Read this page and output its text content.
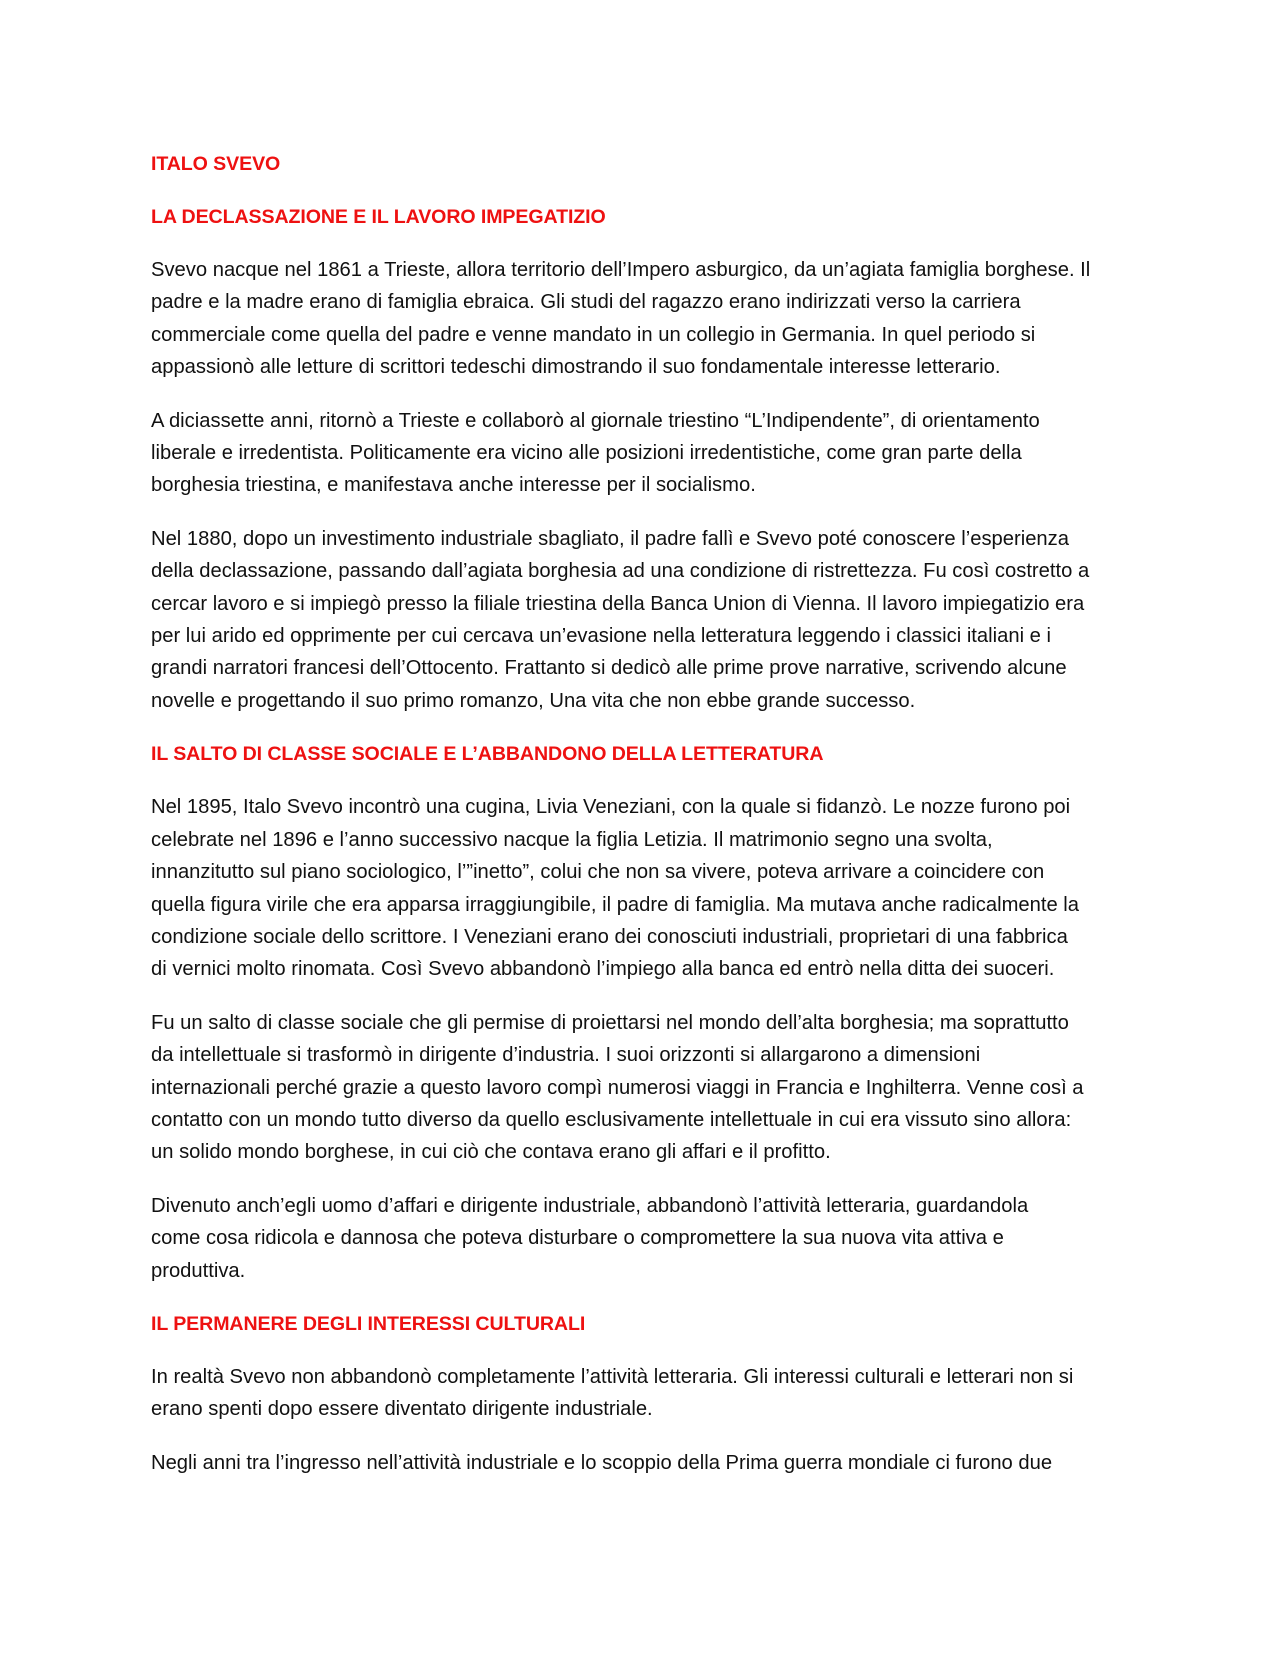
ITALO SVEVO
LA DECLASSAZIONE E IL LAVORO IMPEGATIZIO
Svevo nacque nel 1861 a Trieste, allora territorio dell’Impero asburgico, da un’agiata famiglia borghese. Il
padre e la madre erano di famiglia ebraica. Gli studi del ragazzo erano indirizzati verso la carriera
commerciale come quella del padre e venne mandato in un collegio in Germania. In quel periodo si
appassionò alle letture di scrittori tedeschi dimostrando il suo fondamentale interesse letterario.
A diciassette anni, ritornò a Trieste e collaborò al giornale triestino “L’Indipendente”, di orientamento
liberale e irredentista. Politicamente era vicino alle posizioni irredentistiche, come gran parte della
borghesia triestina, e manifestava anche interesse per il socialismo.
Nel 1880, dopo un investimento industriale sbagliato, il padre fallì e Svevo poté conoscere l’esperienza
della declassazione, passando dall’agiata borghesia ad una condizione di ristrettezza. Fu così costretto a
cercar lavoro e si impiegò presso la filiale triestina della Banca Union di Vienna. Il lavoro impiegatizio era
per lui arido ed opprimente per cui cercava un’evasione nella letteratura leggendo i classici italiani e i
grandi narratori francesi dell’Ottocento. Frattanto si dedicò alle prime prove narrative, scrivendo alcune
novelle e progettando il suo primo romanzo, Una vita che non ebbe grande successo.
IL SALTO DI CLASSE SOCIALE E L’ABBANDONO DELLA LETTERATURA
Nel 1895, Italo Svevo incontrò una cugina, Livia Veneziani, con la quale si fidanzò. Le nozze furono poi
celebrate nel 1896 e l’anno successivo nacque la figlia Letizia. Il matrimonio segno una svolta,
innanzitutto sul piano sociologico, l’”inetto”, colui che non sa vivere, poteva arrivare a coincidere con
quella figura virile che era apparsa irraggiungibile, il padre di famiglia. Ma mutava anche radicalmente la
condizione sociale dello scrittore. I Veneziani erano dei conosciuti industriali, proprietari di una fabbrica
di vernici molto rinomata. Così Svevo abbandonò l’impiego alla banca ed entrò nella ditta dei suoceri.
Fu un salto di classe sociale che gli permise di proiettarsi nel mondo dell’alta borghesia; ma soprattutto
da intellettuale si trasformò in dirigente d’industria. I suoi orizzonti si allargarono a dimensioni
internazionali perché grazie a questo lavoro compì numerosi viaggi in Francia e Inghilterra. Venne così a
contatto con un mondo tutto diverso da quello esclusivamente intellettuale in cui era vissuto sino allora:
un solido mondo borghese, in cui ciò che contava erano gli affari e il profitto.
Divenuto anch’egli uomo d’affari e dirigente industriale, abbandonò l’attività letteraria, guardandola
come cosa ridicola e dannosa che poteva disturbare o compromettere la sua nuova vita attiva e
produttiva.
IL PERMANERE DEGLI INTERESSI CULTURALI
In realtà Svevo non abbandonò completamente l’attività letteraria. Gli interessi culturali e letterari non si
erano spenti dopo essere diventato dirigente industriale.
Negli anni tra l’ingresso nell’attività industriale e lo scoppio della Prima guerra mondiale ci furono due
